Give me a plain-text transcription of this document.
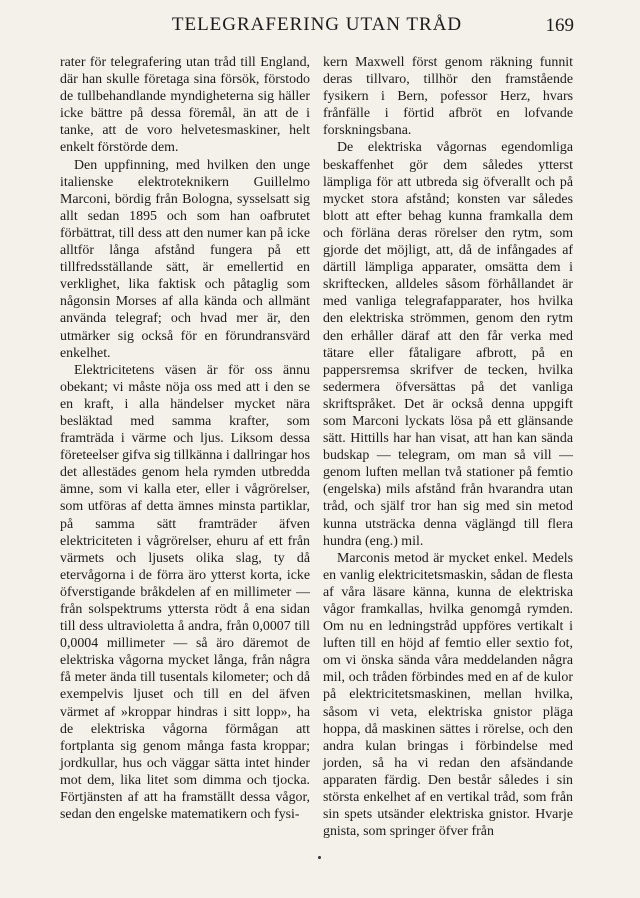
TELEGRAFERING UTAN TRÅD	169

rater för telegrafering utan tråd till England, där han skulle företaga sina försök, förstodo de tullbehandlande myndigheterna sig häller icke bättre på dessa föremål, än att de i tanke, att de voro helvetesmaskiner, helt enkelt förstörde dem.

Den uppfinning, med hvilken den unge italienske elektroteknikern Guillelmo Marconi, bördig från Bologna, sysselsatt sig allt sedan 1895 och som han oafbrutet förbättrat, till dess att den numer kan på icke alltför långa afstånd fungera på ett tillfredsställande sätt, är emellertid en verklighet, lika faktisk och påtaglig som någonsin Morses af alla kända och allmänt använda telegraf; och hvad mer är, den utmärker sig också för en förundransvärd enkelhet.

Elektricitetens väsen är för oss ännu obekant; vi måste nöja oss med att i den se en kraft, i alla händelser mycket nära besläktad med samma krafter, som framträda i värme och ljus. Liksom dessa företeelser gifva sig tillkänna i dallringar hos det allestädes genom hela rymden utbredda ämne, som vi kalla eter, eller i vågrörelser, som utföras af detta ämnes minsta partiklar, på samma sätt framträder äfven elektriciteten i vågrörelser, ehuru af ett från värmets och ljusets olika slag, ty då etervågorna i de förra äro ytterst korta, icke öfverstigande bråkdelen af en millimeter — från solspektrums yttersta rödt å ena sidan till dess ultravioletta å andra, från 0,0007 till 0,0004 millimeter — så äro däremot de elektriska vågorna mycket långa, från några få meter ända till tusentals kilometer; och då exempelvis ljuset och till en del äfven värmet af »kroppar hindras i sitt lopp», ha de elektriska vågorna förmågan att fortplanta sig genom många fasta kroppar; jordkullar, hus och väggar sätta intet hinder mot dem, lika litet som dimma och tjocka. Förtjänsten af att ha framställt dessa vågor, sedan den engelske matematikern och fysi-

kern Maxwell först genom räkning funnit deras tillvaro, tillhör den framstående fysikern i Bern, pofessor Herz, hvars frånfälle i förtid afbröt en lofvande forskningsbana.

De elektriska vågornas egendomliga beskaffenhet gör dem således ytterst lämpliga för att utbreda sig öfverallt och på mycket stora afstånd; konsten var således blott att efter behag kunna framkalla dem och förläna deras rörelser den rytm, som gjorde det möjligt, att, då de infångades af därtill lämpliga apparater, omsätta dem i skriftecken, alldeles såsom förhållandet är med vanliga telegrafapparater, hos hvilka den elektriska strömmen, genom den rytm den erhåller däraf att den får verka med tätare eller fåtaligare afbrott, på en pappersremsa skrifver de tecken, hvilka sedermera öfversättas på det vanliga skriftspråket. Det är också denna uppgift som Marconi lyckats lösa på ett glänsande sätt. Hittills har han visat, att han kan sända budskap — telegram, om man så vill — genom luften mellan två stationer på femtio (engelska) mils afstånd från hvarandra utan tråd, och själf tror han sig med sin metod kunna utsträcka denna väglängd till flera hundra (eng.) mil.

Marconis metod är mycket enkel. Medels en vanlig elektricitetsmaskin, sådan de flesta af våra läsare känna, kunna de elektriska vågor framkallas, hvilka genomgå rymden. Om nu en ledningstråd uppföres vertikalt i luften till en höjd af femtio eller sextio fot, om vi önska sända våra meddelanden några mil, och tråden förbindes med en af de kulor på elektricitetsmaskinen, mellan hvilka, såsom vi veta, elektriska gnistor pläga hoppa, då maskinen sättes i rörelse, och den andra kulan bringas i förbindelse med jorden, så ha vi redan den afsändande apparaten färdig. Den består således i sin största enkelhet af en vertikal tråd, som från sin spets utsänder elektriska gnistor. Hvarje gnista, som springer öfver från
